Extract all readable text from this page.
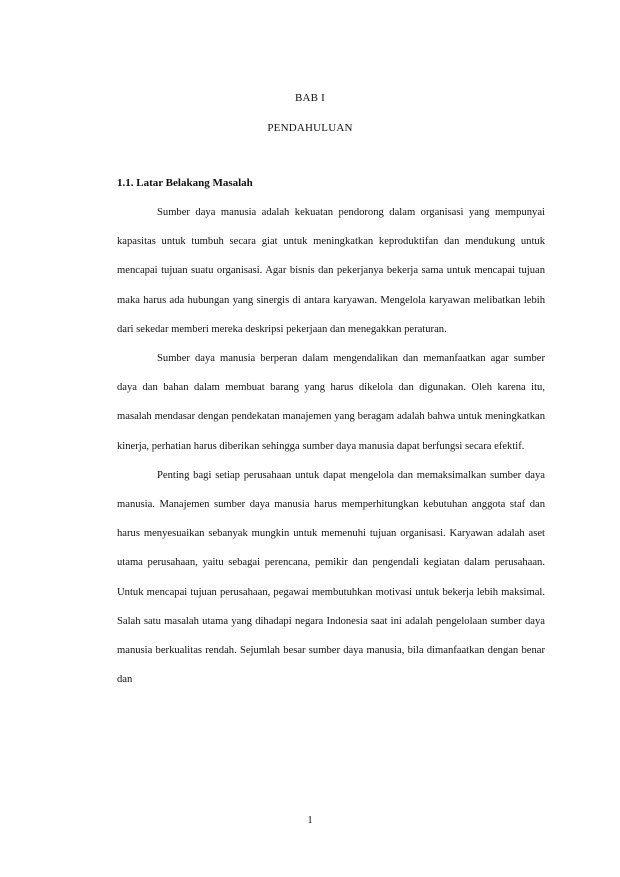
BAB I
PENDAHULUAN
1.1. Latar Belakang Masalah

Sumber daya manusia adalah kekuatan pendorong dalam organisasi yang mempunyai kapasitas untuk tumbuh secara giat untuk meningkatkan keproduktifan dan mendukung untuk mencapai tujuan suatu organisasi. Agar bisnis dan pekerjanya bekerja sama untuk mencapai tujuan maka harus ada hubungan yang sinergis di antara karyawan. Mengelola karyawan melibatkan lebih dari sekedar memberi mereka deskripsi pekerjaan dan menegakkan peraturan.

Sumber daya manusia berperan dalam mengendalikan dan memanfaatkan agar sumber daya dan bahan dalam membuat barang yang harus dikelola dan digunakan. Oleh karena itu, masalah mendasar dengan pendekatan manajemen yang beragam adalah bahwa untuk meningkatkan kinerja, perhatian harus diberikan sehingga sumber daya manusia dapat berfungsi secara efektif.

Penting bagi setiap perusahaan untuk dapat mengelola dan memaksimalkan sumber daya manusia. Manajemen sumber daya manusia harus memperhitungkan kebutuhan anggota staf dan harus menyesuaikan sebanyak mungkin untuk memenuhi tujuan organisasi. Karyawan adalah aset utama perusahaan, yaitu sebagai perencana, pemikir dan pengendali kegiatan dalam perusahaan. Untuk mencapai tujuan perusahaan, pegawai membutuhkan motivasi untuk bekerja lebih maksimal. Salah satu masalah utama yang dihadapi negara Indonesia saat ini adalah pengelolaan sumber daya manusia berkualitas rendah. Sejumlah besar sumber daya manusia, bila dimanfaatkan dengan benar dan

1
